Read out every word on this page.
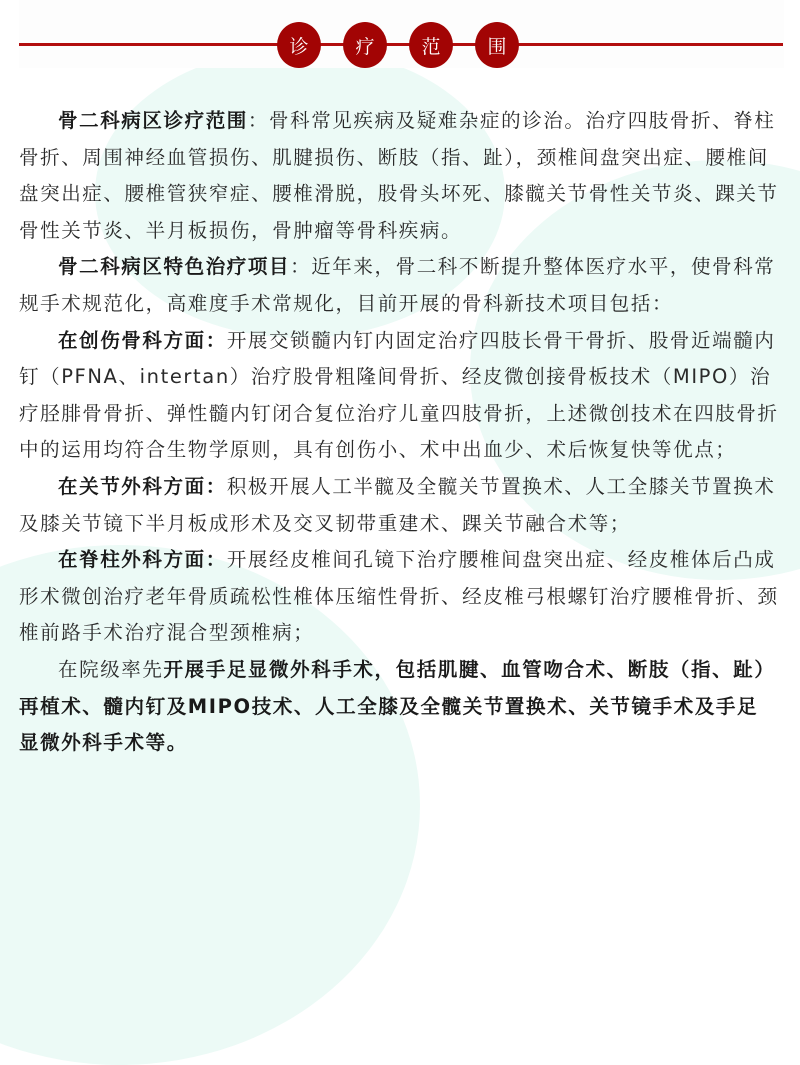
诊	疗	范	围

骨二科病区诊疗范围：骨科常见疾病及疑难杂症的诊治。治疗四肢骨折、脊柱骨折、周围神经血管损伤、肌腱损伤、断肢（指、趾），颈椎间盘突出症、腰椎间盘突出症、腰椎管狭窄症、腰椎滑脱，股骨头坏死、膝髋关节骨性关节炎、踝关节骨性关节炎、半月板损伤，骨肿瘤等骨科疾病。

骨二科病区特色治疗项目：近年来，骨二科不断提升整体医疗水平，使骨科常规手术规范化，高难度手术常规化，目前开展的骨科新技术项目包括：

在创伤骨科方面：开展交锁髓内钉内固定治疗四肢长骨干骨折、股骨近端髓内钉（PFNA、intertan）治疗股骨粗隆间骨折、经皮微创接骨板技术（MIPO）治疗胫腓骨骨折、弹性髓内钉闭合复位治疗儿童四肢骨折，上述微创技术在四肢骨折中的运用均符合生物学原则，具有创伤小、术中出血少、术后恢复快等优点；

在关节外科方面：积极开展人工半髋及全髋关节置换术、人工全膝关节置换术及膝关节镜下半月板成形术及交叉韧带重建术、踝关节融合术等；

在脊柱外科方面：开展经皮椎间孔镜下治疗腰椎间盘突出症、经皮椎体后凸成形术微创治疗老年骨质疏松性椎体压缩性骨折、经皮椎弓根螺钉治疗腰椎骨折、颈椎前路手术治疗混合型颈椎病；

在院级率先开展手足显微外科手术，包括肌腱、血管吻合术、断肢（指、趾）再植术、髓内钉及MIPO技术、人工全膝及全髋关节置换术、关节镜手术及手足显微外科手术等。
